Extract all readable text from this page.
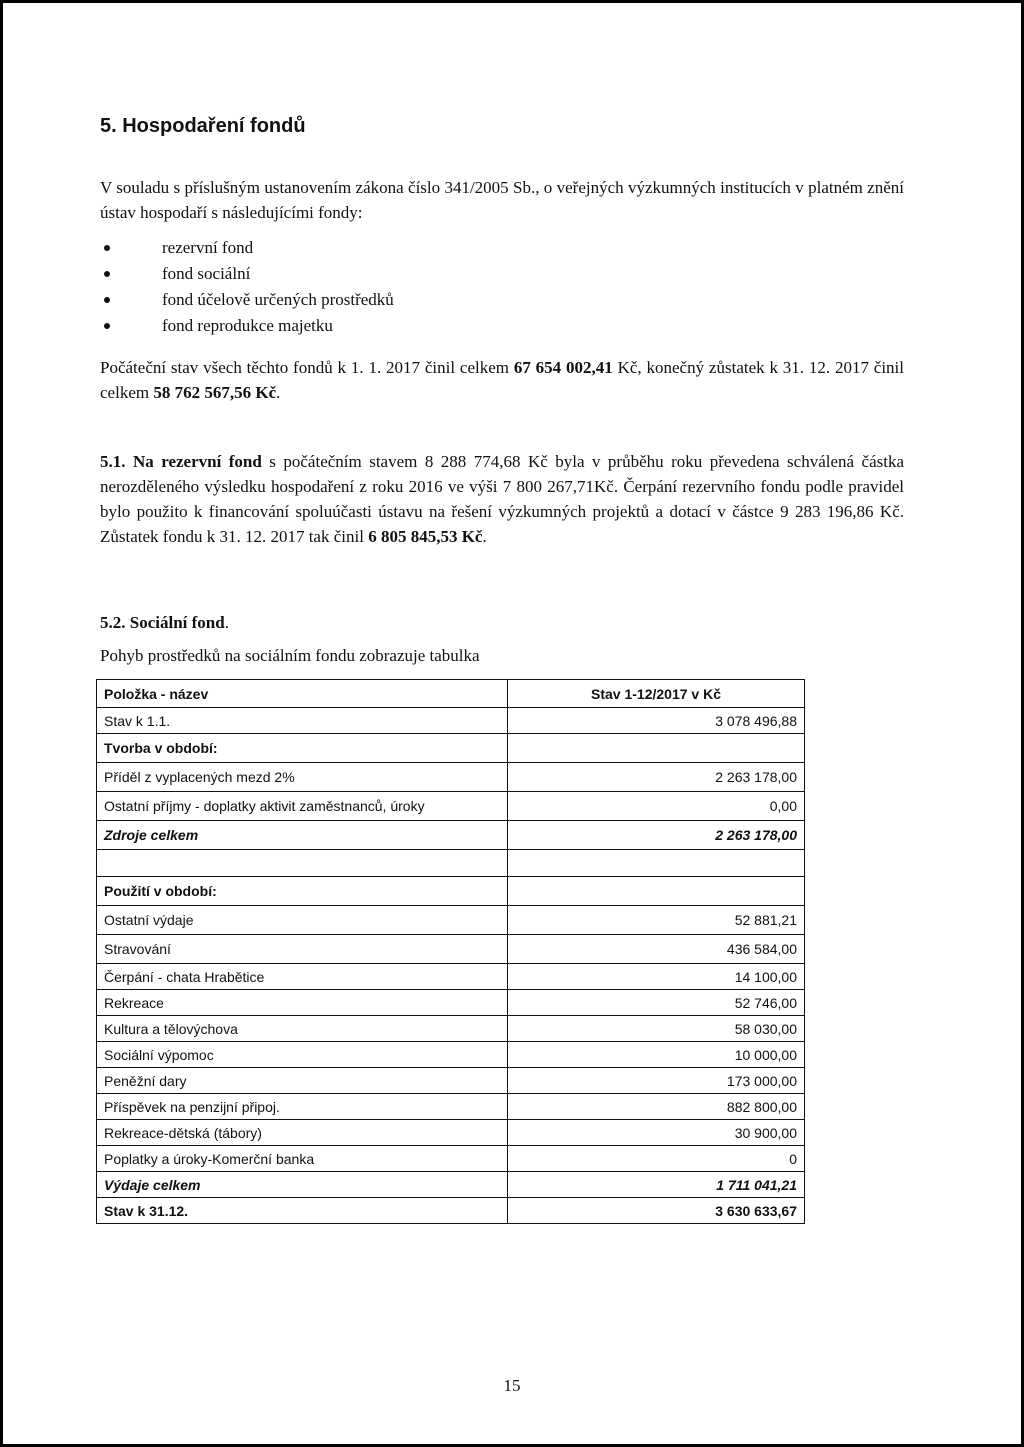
5. Hospodaření fondů

V souladu s příslušným ustanovením zákona číslo 341/2005 Sb., o veřejných výzkumných institucích v platném znění ústav hospodaří s následujícími fondy:

rezervní fond
fond sociální
fond účelově určených prostředků
fond reprodukce majetku

Počáteční stav všech těchto fondů k 1. 1. 2017 činil celkem 67 654 002,41 Kč, konečný zůstatek k 31. 12. 2017 činil celkem 58 762 567,56 Kč.

5.1. Na rezervní fond s počátečním stavem 8 288 774,68 Kč byla v průběhu roku převedena schválená částka nerozděleného výsledku hospodaření z roku 2016 ve výši 7 800 267,71Kč. Čerpání rezervního fondu podle pravidel bylo použito k financování spoluúčasti ústavu na řešení výzkumných projektů a dotací v částce 9 283 196,86 Kč. Zůstatek fondu k 31. 12. 2017 tak činil 6 805 845,53 Kč.

5.2. Sociální fond.

Pohyb prostředků na sociálním fondu zobrazuje tabulka

Položka - název	Stav 1-12/2017 v Kč
Stav k 1.1.	3 078 496,88
Tvorba v období:	
Příděl z vyplacených mezd 2%	2 263 178,00
Ostatní příjmy - doplatky aktivit zaměstnanců, úroky	0,00
Zdroje celkem	2 263 178,00

Použití v období:	
Ostatní výdaje	52 881,21
Stravování	436 584,00
Čerpání - chata Hrabětice	14 100,00
Rekreace	52 746,00
Kultura a tělovýchova	58 030,00
Sociální výpomoc	10 000,00
Peněžní dary	173 000,00
Příspěvek na penzijní připoj.	882 800,00
Rekreace-dětská (tábory)	30 900,00
Poplatky a úroky-Komerční banka	0
Výdaje celkem	1 711 041,21
Stav k 31.12.	3 630 633,67
15
